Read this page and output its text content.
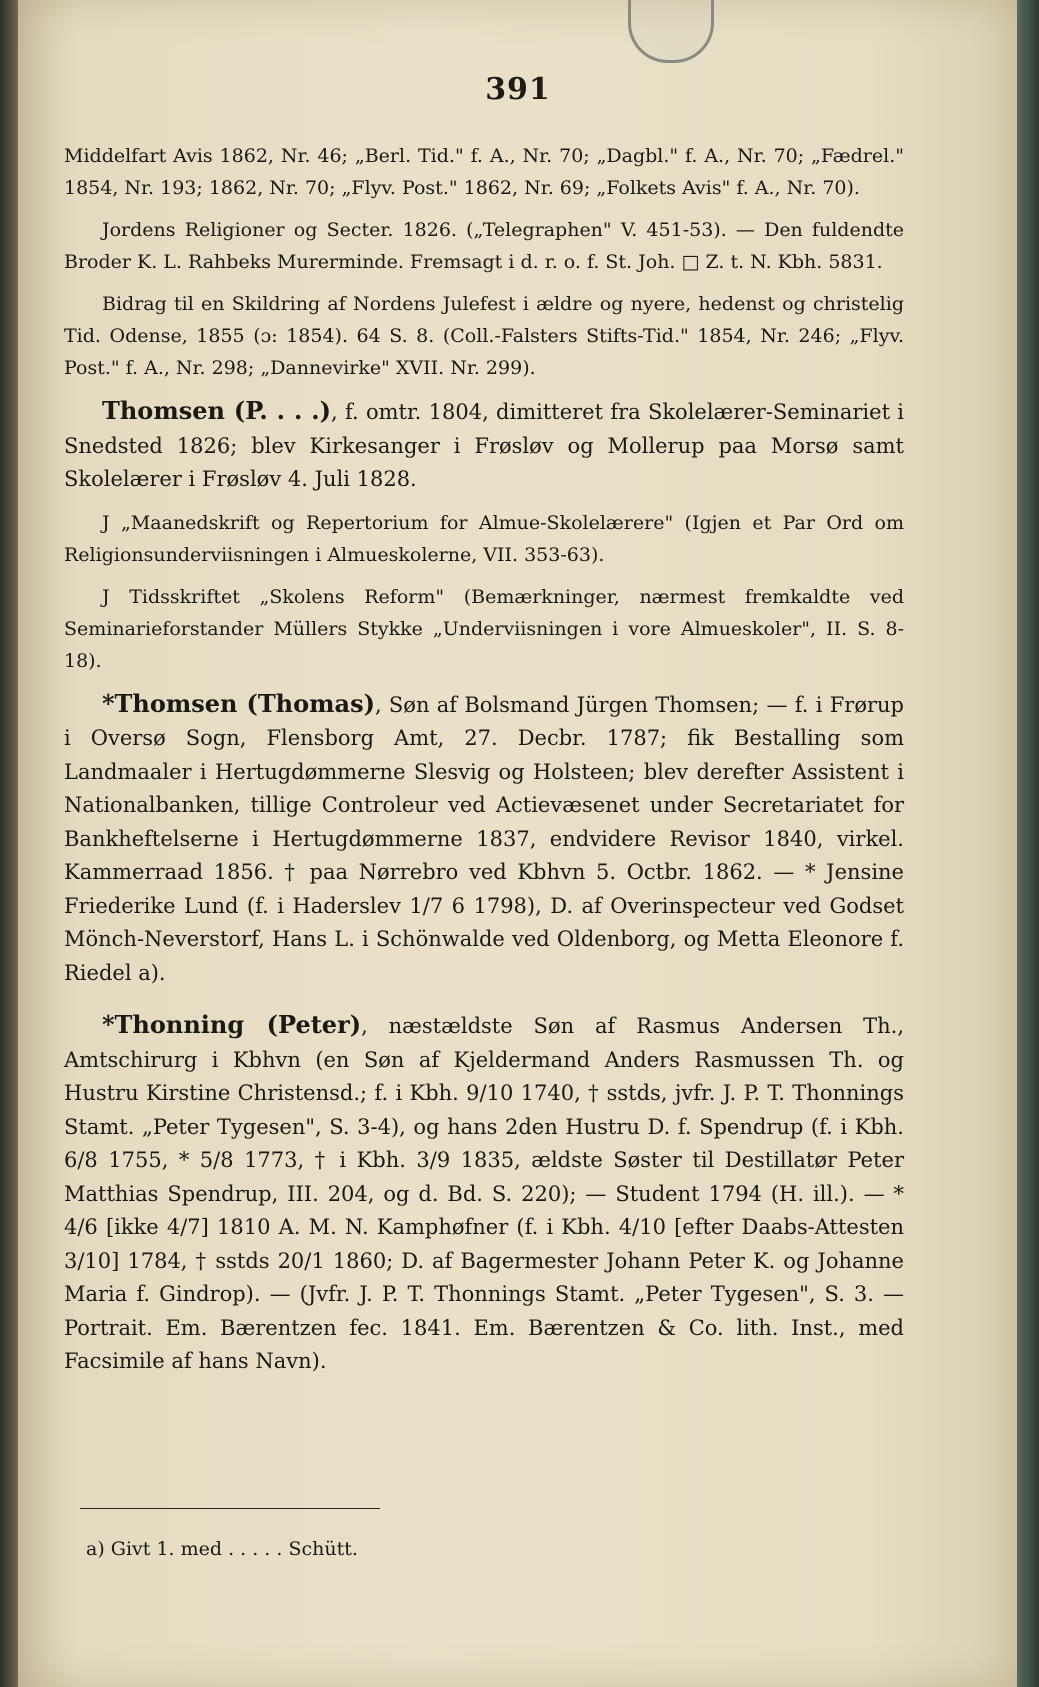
391

Middelfart Avis 1862, Nr. 46; „Berl. Tid." f. A., Nr. 70; „Dagbl." f. A., Nr. 70; „Fædrel." 1854, Nr. 193; 1862, Nr. 70; „Flyv. Post." 1862, Nr. 69; „Folkets Avis" f. A., Nr. 70).

Jordens Religioner og Secter. 1826. („Telegraphen" V. 451-53). — Den fuldendte Broder K. L. Rahbeks Murerminde. Fremsagt i d. r. o. f. St. Joh. □ Z. t. N. Kbh. 5831.

Bidrag til en Skildring af Nordens Julefest i ældre og nyere, hedenst og christelig Tid. Odense, 1855 (ɔ: 1854). 64 S. 8. (Coll.-Falsters Stifts-Tid." 1854, Nr. 246; „Flyv. Post." f. A., Nr. 298; „Dannevirke" XVII. Nr. 299).

Thomsen (P. . . .), f. omtr. 1804, dimitteret fra Skolelærer-Seminariet i Snedsted 1826; blev Kirkesanger i Frøsløv og Mollerup paa Morsø samt Skolelærer i Frøsløv 4. Juli 1828.

J „Maanedskrift og Repertorium for Almue-Skolelærere" (Igjen et Par Ord om Religionsunderviisningen i Almueskolerne, VII. 353-63).

J Tidsskriftet „Skolens Reform" (Bemærkninger, nærmest fremkaldte ved Seminarieforstander Müllers Stykke „Underviisningen i vore Almueskoler", II. S. 8-18).

*Thomsen (Thomas), Søn af Bolsmand Jürgen Thomsen; — f. i Frørup i Oversø Sogn, Flensborg Amt, 27. Decbr. 1787; fik Bestalling som Landmaaler i Hertugdømmerne Slesvig og Holsteen; blev derefter Assistent i Nationalbanken, tillige Controleur ved Actievæsenet under Secretariatet for Bankheftelserne i Hertugdømmerne 1837, endvidere Revisor 1840, virkel. Kammerraad 1856. † paa Nørrebro ved Kbhvn 5. Octbr. 1862. — * Jensine Friederike Lund (f. i Haderslev 1/7 6 1798), D. af Overinspecteur ved Godset Mönch-Neverstorf, Hans L. i Schönwalde ved Oldenborg, og Metta Eleonore f. Riedel a).

*Thonning (Peter), næstældste Søn af Rasmus Andersen Th., Amtschirurg i Kbhvn (en Søn af Kjeldermand Anders Rasmussen Th. og Hustru Kirstine Christensd.; f. i Kbh. 9/10 1740, † sstds, jvfr. J. P. T. Thonnings Stamt. „Peter Tygesen", S. 3-4), og hans 2den Hustru D. f. Spendrup (f. i Kbh. 6/8 1755, * 5/8 1773, † i Kbh. 3/9 1835, ældste Søster til Destillatør Peter Matthias Spendrup, III. 204, og d. Bd. S. 220); — Student 1794 (H. ill.). — * 4/6 [ikke 4/7] 1810 A. M. N. Kamphøfner (f. i Kbh. 4/10 [efter Daabs-Attesten 3/10] 1784, † sstds 20/1 1860; D. af Bagermester Johann Peter K. og Johanne Maria f. Gindrop). — (Jvfr. J. P. T. Thonnings Stamt. „Peter Tygesen", S. 3. — Portrait. Em. Bærentzen fec. 1841. Em. Bærentzen & Co. lith. Inst., med Facsimile af hans Navn).

a) Givt 1. med . . . . . Schütt.
